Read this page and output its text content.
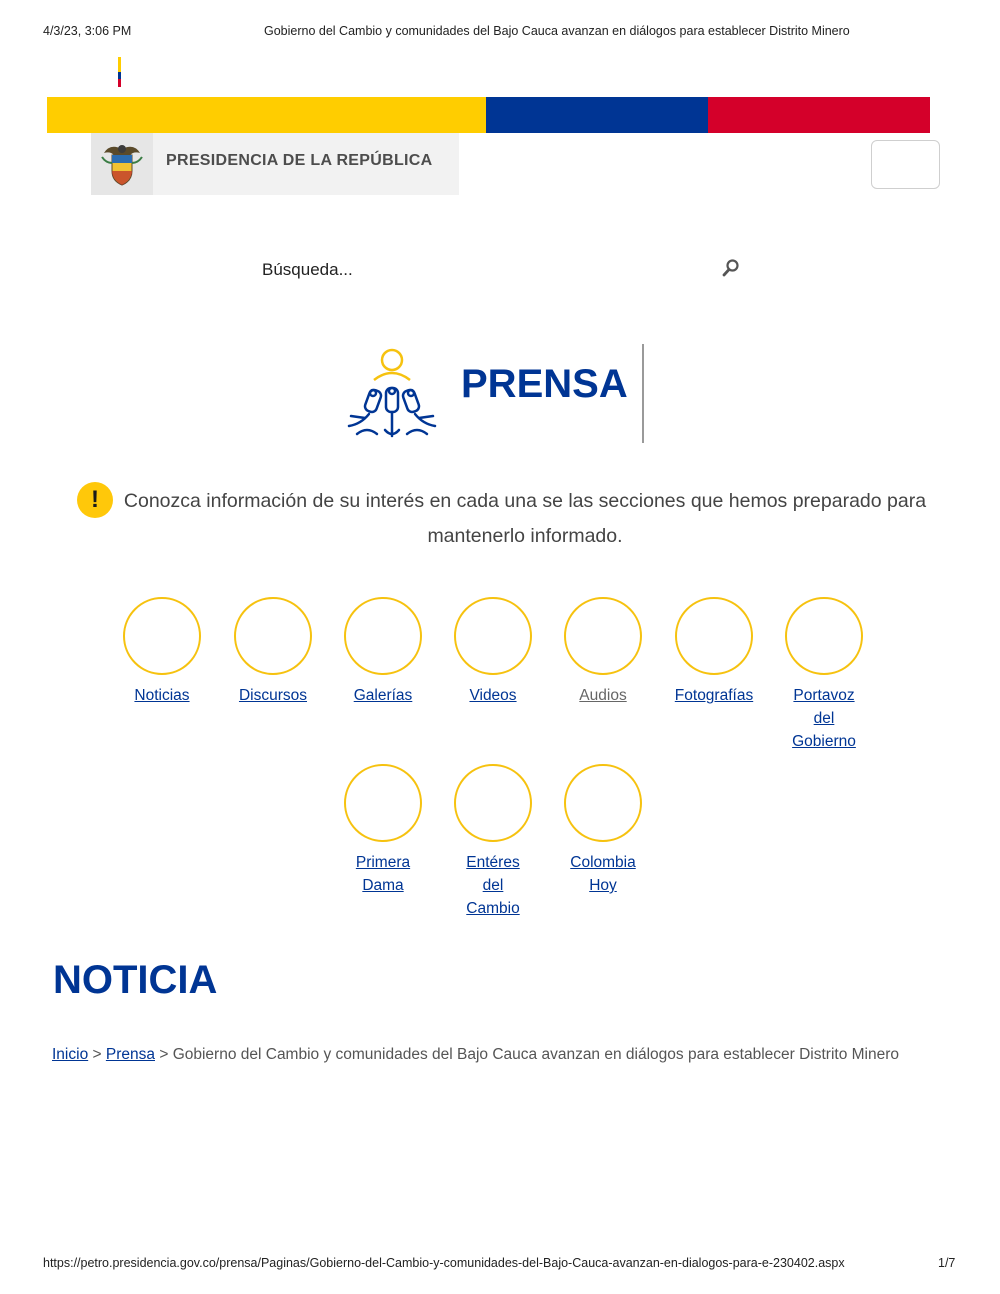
4/3/23, 3:06 PM	Gobierno del Cambio y comunidades del Bajo Cauca avanzan en diálogos para establecer Distrito Minero
PRESIDENCIA DE LA REPÚBLICA
Búsqueda...
PRENSA
!	Conozca información de su interés en cada una se las secciones que hemos preparado para mantenerlo informado.
Noticias	Discursos	Galerías	Videos	Audios	Fotografías	Portavoz del Gobierno
Primera Dama
Entéres del Cambio
Colombia Hoy
NOTICIA
Inicio > Prensa > Gobierno del Cambio y comunidades del Bajo Cauca avanzan en diálogos para establecer Distrito Minero
https://petro.presidencia.gov.co/prensa/Paginas/Gobierno-del-Cambio-y-comunidades-del-Bajo-Cauca-avanzan-en-dialogos-para-e-230402.aspx	1/7
